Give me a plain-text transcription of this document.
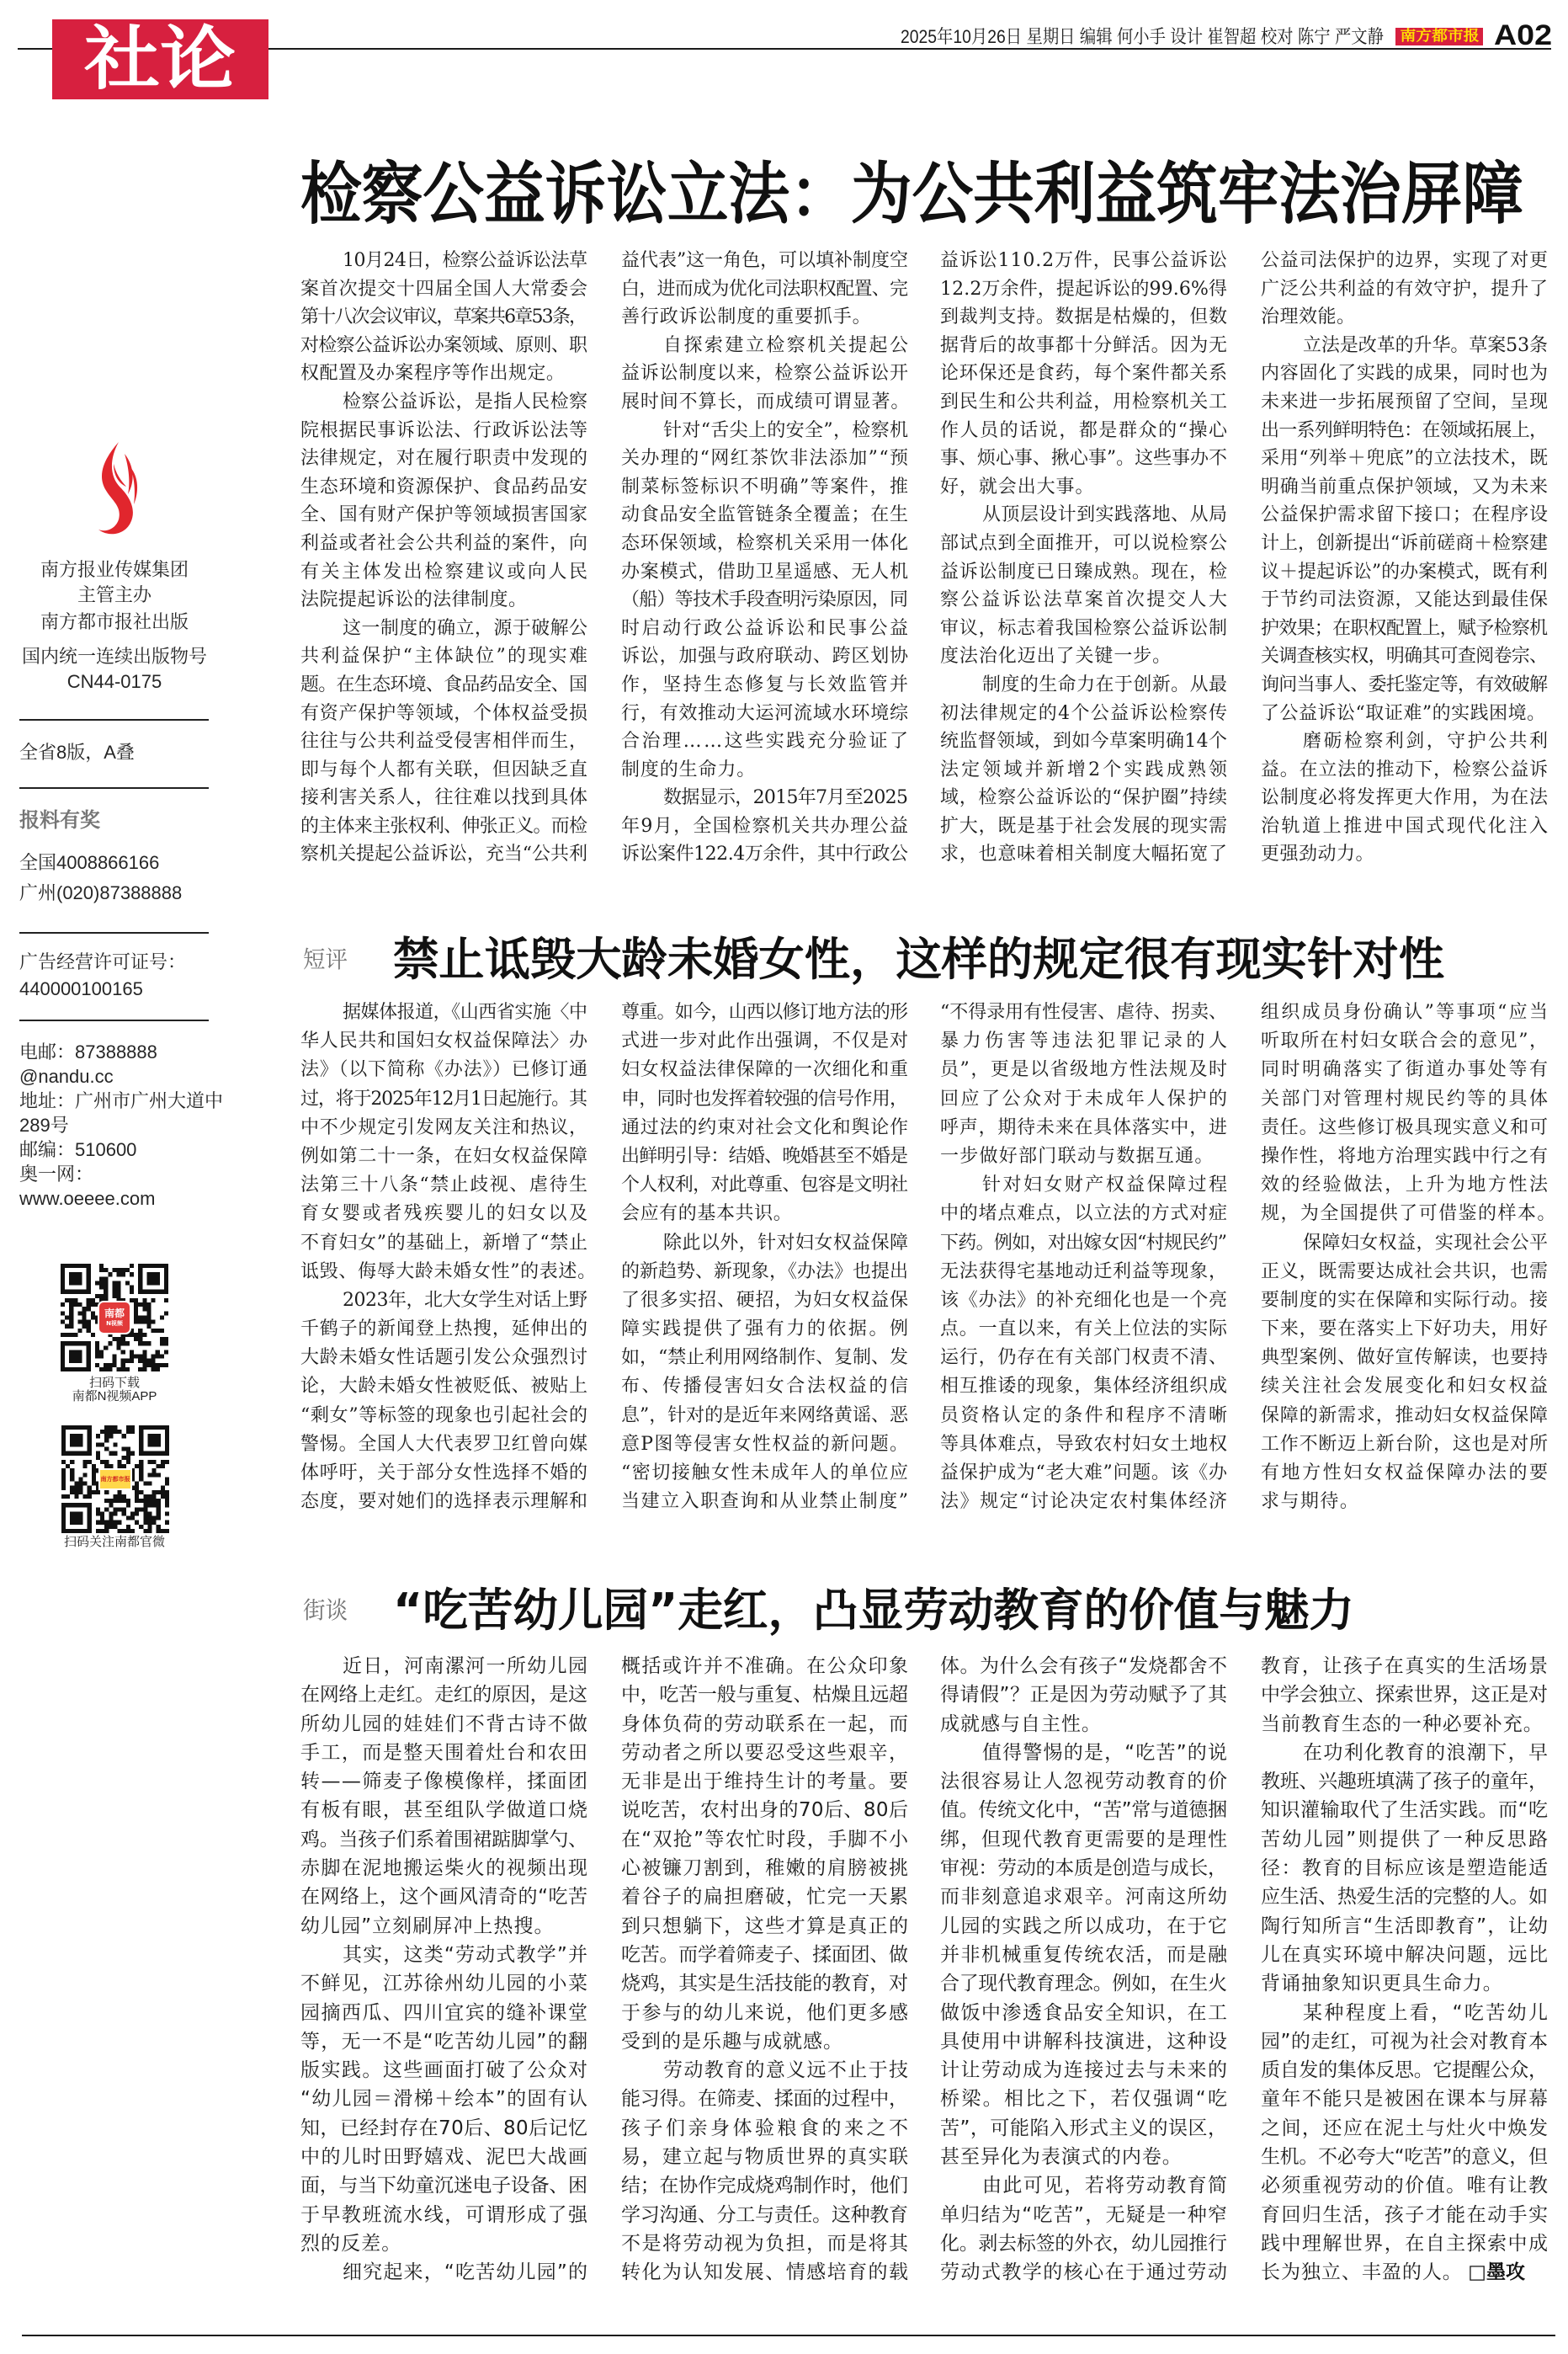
社论	2025年10月26日 星期日 编辑 何小手 设计 崔智超 校对 陈宁 严文静 南方都市报 A02
南方报业传媒集团
主管主办
南方都市报社出版
国内统一连续出版物号
CN44-0175
全省8版，A叠
报料有奖
全国4008866166
广州(020)87388888
广告经营许可证号：
440000100165
电邮：87388888
@nandu.cc
地址：广州市广州大道中
289号
邮编：510600
奥一网：
www.oeeee.com
南都
N视频
扫码下载
南都N视频APP
南方都市报
扫码关注南都官微
检察公益诉讼立法：为公共利益筑牢法治屏障
10月24日，检察公益诉讼法草
案首次提交十四届全国人大常委会
第十八次会议审议，草案共6章53条，
对检察公益诉讼办案领域、原则、职
权配置及办案程序等作出规定。
检察公益诉讼，是指人民检察
院根据民事诉讼法、行政诉讼法等
法律规定，对在履行职责中发现的
生态环境和资源保护、食品药品安
全、国有财产保护等领域损害国家
利益或者社会公共利益的案件，向
有关主体发出检察建议或向人民
法院提起诉讼的法律制度。
这一制度的确立，源于破解公
共利益保护“主体缺位”的现实难
题。在生态环境、食品药品安全、国
有资产保护等领域，个体权益受损
往往与公共利益受侵害相伴而生，
即与每个人都有关联，但因缺乏直
接利害关系人，往往难以找到具体
的主体来主张权利、伸张正义。而检
察机关提起公益诉讼，充当“公共利
益代表”这一角色，可以填补制度空
白，进而成为优化司法职权配置、完
善行政诉讼制度的重要抓手。
自探索建立检察机关提起公
益诉讼制度以来，检察公益诉讼开
展时间不算长，而成绩可谓显著。
针对“舌尖上的安全”，检察机
关办理的“网红茶饮非法添加”“预
制菜标签标识不明确”等案件，推
动食品安全监管链条全覆盖；在生
态环保领域，检察机关采用一体化
办案模式，借助卫星遥感、无人机
（船）等技术手段查明污染原因，同
时启动行政公益诉讼和民事公益
诉讼，加强与政府联动、跨区划协
作，坚持生态修复与长效监管并
行，有效推动大运河流域水环境综
合治理……这些实践充分验证了
制度的生命力。
数据显示，2015年7月至2025
年9月，全国检察机关共办理公益
诉讼案件122.4万余件，其中行政公
益诉讼110.2万件，民事公益诉讼
12.2万余件，提起诉讼的99.6%得
到裁判支持。数据是枯燥的，但数
据背后的故事都十分鲜活。因为无
论环保还是食药，每个案件都关系
到民生和公共利益，用检察机关工
作人员的话说，都是群众的“操心
事、烦心事、揪心事”。这些事办不
好，就会出大事。
从顶层设计到实践落地、从局
部试点到全面推开，可以说检察公
益诉讼制度已日臻成熟。现在，检
察公益诉讼法草案首次提交人大
审议，标志着我国检察公益诉讼制
度法治化迈出了关键一步。
制度的生命力在于创新。从最
初法律规定的4个公益诉讼检察传
统监督领域，到如今草案明确14个
法定领域并新增2个实践成熟领
域，检察公益诉讼的“保护圈”持续
扩大，既是基于社会发展的现实需
求，也意味着相关制度大幅拓宽了
公益司法保护的边界，实现了对更
广泛公共利益的有效守护，提升了
治理效能。
立法是改革的升华。草案53条
内容固化了实践的成果，同时也为
未来进一步拓展预留了空间，呈现
出一系列鲜明特色：在领域拓展上，
采用“列举＋兜底”的立法技术，既
明确当前重点保护领域，又为未来
公益保护需求留下接口；在程序设
计上，创新提出“诉前磋商＋检察建
议＋提起诉讼”的办案模式，既有利
于节约司法资源，又能达到最佳保
护效果；在职权配置上，赋予检察机
关调查核实权，明确其可查阅卷宗、
询问当事人、委托鉴定等，有效破解
了公益诉讼“取证难”的实践困境。
磨砺检察利剑，守护公共利
益。在立法的推动下，检察公益诉
讼制度必将发挥更大作用，为在法
治轨道上推进中国式现代化注入
更强劲动力。
短评 禁止诋毁大龄未婚女性，这样的规定很有现实针对性
据媒体报道，《山西省实施〈中
华人民共和国妇女权益保障法〉办
法》（以下简称《办法》）已修订通
过，将于2025年12月1日起施行。其
中不少规定引发网友关注和热议，
例如第二十一条，在妇女权益保障
法第三十八条“禁止歧视、虐待生
育女婴或者残疾婴儿的妇女以及
不育妇女”的基础上，新增了“禁止
诋毁、侮辱大龄未婚女性”的表述。
2023年，北大女学生对话上野
千鹤子的新闻登上热搜，延伸出的
大龄未婚女性话题引发公众强烈讨
论，大龄未婚女性被贬低、被贴上
“剩女”等标签的现象也引起社会的
警惕。全国人大代表罗卫红曾向媒
体呼吁，关于部分女性选择不婚的
态度，要对她们的选择表示理解和
尊重。如今，山西以修订地方法的形
式进一步对此作出强调，不仅是对
妇女权益法律保障的一次细化和重
申，同时也发挥着较强的信号作用，
通过法的约束对社会文化和舆论作
出鲜明引导：结婚、晚婚甚至不婚是
个人权利，对此尊重、包容是文明社
会应有的基本共识。
除此以外，针对妇女权益保障
的新趋势、新现象，《办法》也提出
了很多实招、硬招，为妇女权益保
障实践提供了强有力的依据。例
如，“禁止利用网络制作、复制、发
布、传播侵害妇女合法权益的信
息”，针对的是近年来网络黄谣、恶
意P图等侵害女性权益的新问题。
“密切接触女性未成年人的单位应
当建立入职查询和从业禁止制度”
“不得录用有性侵害、虐待、拐卖、
暴力伤害等违法犯罪记录的人
员”，更是以省级地方性法规及时
回应了公众对于未成年人保护的
呼声，期待未来在具体落实中，进
一步做好部门联动与数据互通。
针对妇女财产权益保障过程
中的堵点难点，以立法的方式对症
下药。例如，对出嫁女因“村规民约”
无法获得宅基地动迁利益等现象，
该《办法》的补充细化也是一个亮
点。一直以来，有关上位法的实际
运行，仍存在有关部门权责不清、
相互推诿的现象，集体经济组织成
员资格认定的条件和程序不清晰
等具体难点，导致农村妇女土地权
益保护成为“老大难”问题。该《办
法》规定“讨论决定农村集体经济
组织成员身份确认”等事项“应当
听取所在村妇女联合会的意见”，
同时明确落实了街道办事处等有
关部门对管理村规民约等的具体
责任。这些修订极具现实意义和可
操作性，将地方治理实践中行之有
效的经验做法，上升为地方性法
规，为全国提供了可借鉴的样本。
保障妇女权益，实现社会公平
正义，既需要达成社会共识，也需
要制度的实在保障和实际行动。接
下来，要在落实上下好功夫，用好
典型案例、做好宣传解读，也要持
续关注社会发展变化和妇女权益
保障的新需求，推动妇女权益保障
工作不断迈上新台阶，这也是对所
有地方性妇女权益保障办法的要
求与期待。
街谈 “吃苦幼儿园”走红，凸显劳动教育的价值与魅力
□墨攻
近日，河南漯河一所幼儿园
在网络上走红。走红的原因，是这
所幼儿园的娃娃们不背古诗不做
手工，而是整天围着灶台和农田
转——筛麦子像模像样，揉面团
有板有眼，甚至组队学做道口烧
鸡。当孩子们系着围裙踮脚掌勺、
赤脚在泥地搬运柴火的视频出现
在网络上，这个画风清奇的“吃苦
幼儿园”立刻刷屏冲上热搜。
其实，这类“劳动式教学”并
不鲜见，江苏徐州幼儿园的小菜
园摘西瓜、四川宜宾的缝补课堂
等，无一不是“吃苦幼儿园”的翻
版实践。这些画面打破了公众对
“幼儿园＝滑梯＋绘本”的固有认
知，已经封存在70后、80后记忆
中的儿时田野嬉戏、泥巴大战画
面，与当下幼童沉迷电子设备、困
于早教班流水线，可谓形成了强
烈的反差。
细究起来，“吃苦幼儿园”的
概括或许并不准确。在公众印象
中，吃苦一般与重复、枯燥且远超
身体负荷的劳动联系在一起，而
劳动者之所以要忍受这些艰辛，
无非是出于维持生计的考量。要
说吃苦，农村出身的70后、80后
在“双抢”等农忙时段，手脚不小
心被镰刀割到，稚嫩的肩膀被挑
着谷子的扁担磨破，忙完一天累
到只想躺下，这些才算是真正的
吃苦。而学着筛麦子、揉面团、做
烧鸡，其实是生活技能的教育，对
于参与的幼儿来说，他们更多感
受到的是乐趣与成就感。
劳动教育的意义远不止于技
能习得。在筛麦、揉面的过程中，
孩子们亲身体验粮食的来之不
易，建立起与物质世界的真实联
结；在协作完成烧鸡制作时，他们
学习沟通、分工与责任。这种教育
不是将劳动视为负担，而是将其
转化为认知发展、情感培育的载
体。为什么会有孩子“发烧都舍不
得请假”？正是因为劳动赋予了其
成就感与自主性。
值得警惕的是，“吃苦”的说
法很容易让人忽视劳动教育的价
值。传统文化中，“苦”常与道德捆
绑，但现代教育更需要的是理性
审视：劳动的本质是创造与成长，
而非刻意追求艰辛。河南这所幼
儿园的实践之所以成功，在于它
并非机械重复传统农活，而是融
合了现代教育理念。例如，在生火
做饭中渗透食品安全知识，在工
具使用中讲解科技演进，这种设
计让劳动成为连接过去与未来的
桥梁。相比之下，若仅强调“吃
苦”，可能陷入形式主义的误区，
甚至异化为表演式的内卷。
由此可见，若将劳动教育简
单归结为“吃苦”，无疑是一种窄
化。剥去标签的外衣，幼儿园推行
劳动式教学的核心在于通过劳动
教育，让孩子在真实的生活场景
中学会独立、探索世界，这正是对
当前教育生态的一种必要补充。
在功利化教育的浪潮下，早
教班、兴趣班填满了孩子的童年，
知识灌输取代了生活实践。而“吃
苦幼儿园”则提供了一种反思路
径：教育的目标应该是塑造能适
应生活、热爱生活的完整的人。如
陶行知所言“生活即教育”，让幼
儿在真实环境中解决问题，远比
背诵抽象知识更具生命力。
某种程度上看，“吃苦幼儿
园”的走红，可视为社会对教育本
质自发的集体反思。它提醒公众，
童年不能只是被困在课本与屏幕
之间，还应在泥土与灶火中焕发
生机。不必夸大“吃苦”的意义，但
必须重视劳动的价值。唯有让教
育回归生活，孩子才能在动手实
践中理解世界，在自主探索中成
长为独立、丰盈的人。
